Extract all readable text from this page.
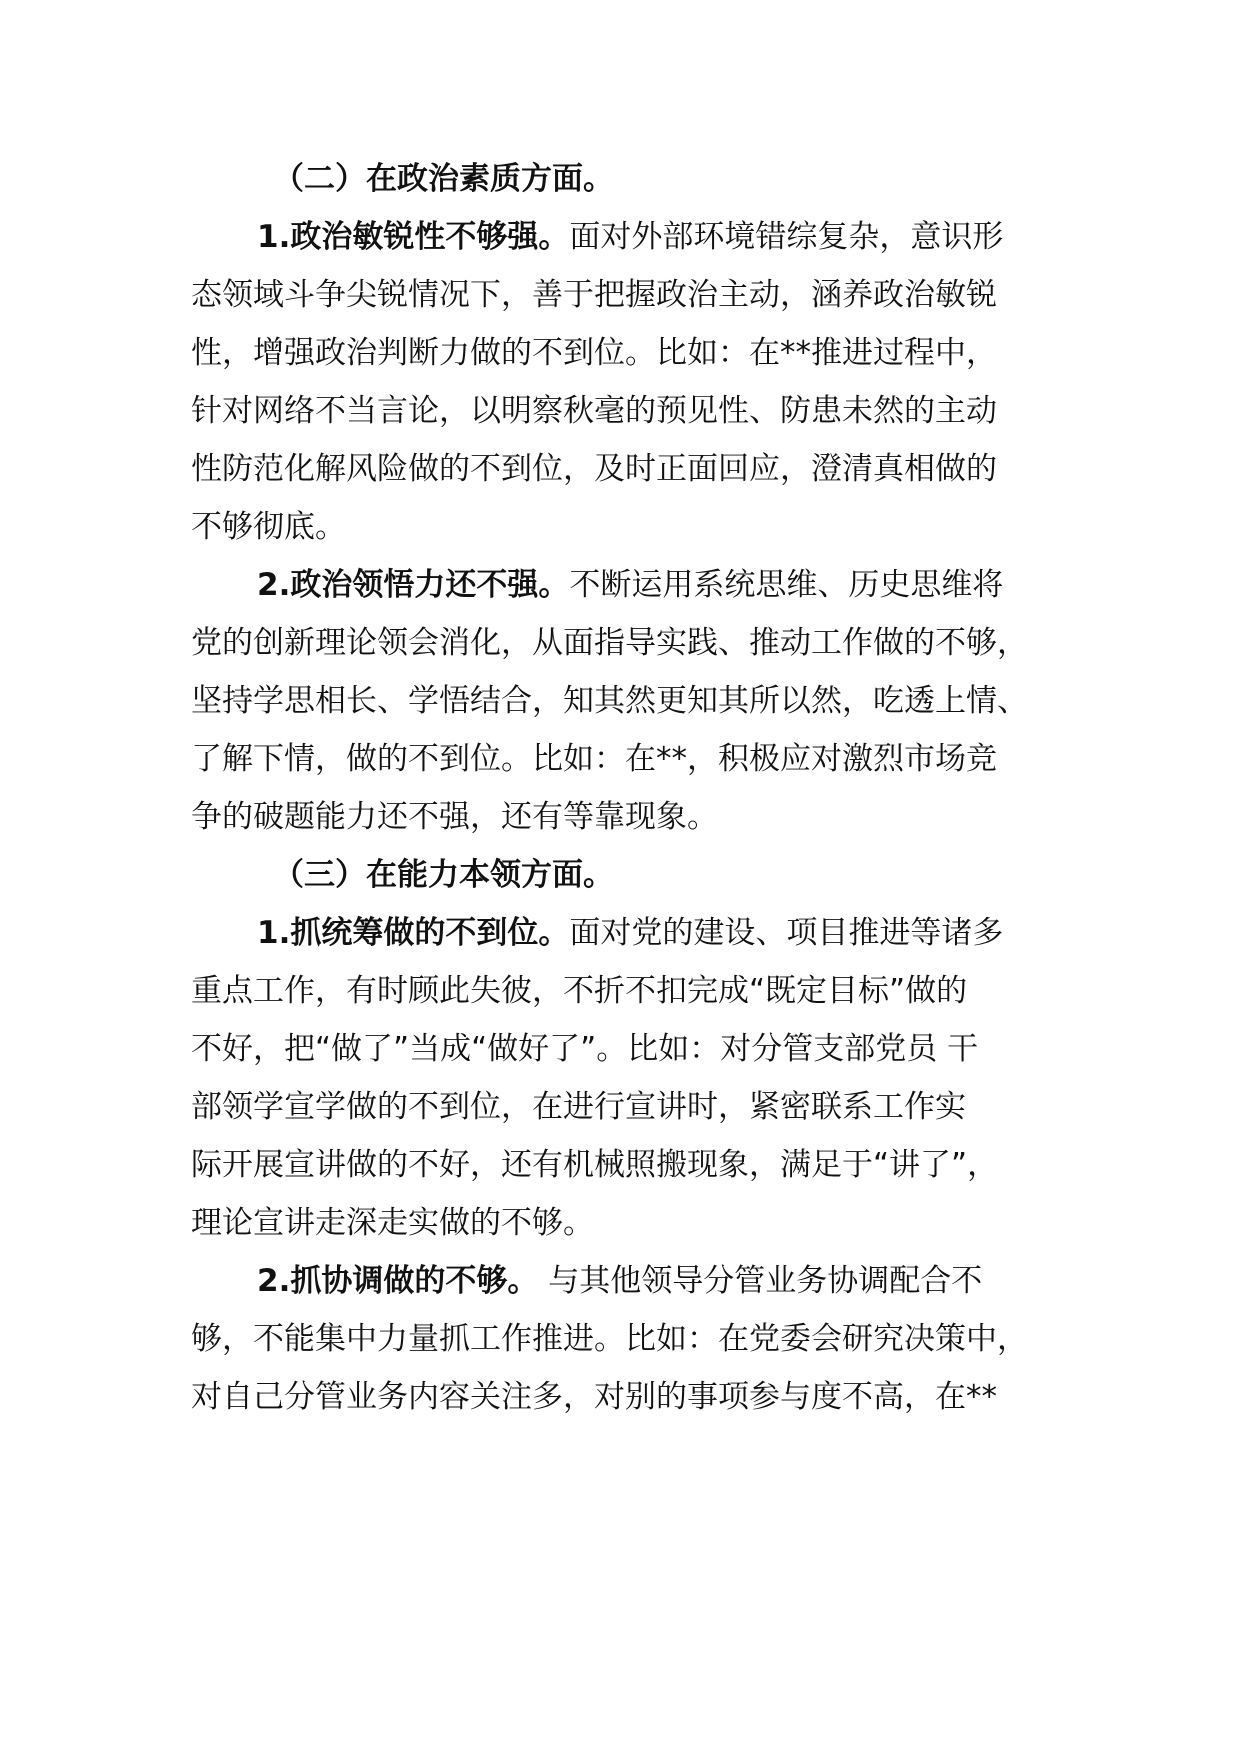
（二）在政治素质方面。
1.政治敏锐性不够强。面对外部环境错综复杂，意识形
态领域斗争尖锐情况下，善于把握政治主动，涵养政治敏锐
性，增强政治判断力做的不到位。比如：在**推进过程中，
针对网络不当言论，以明察秋毫的预见性、防患未然的主动
性防范化解风险做的不到位，及时正面回应，澄清真相做的
不够彻底。
2.政治领悟力还不强。不断运用系统思维、历史思维将
党的创新理论领会消化，从面指导实践、推动工作做的不够，
坚持学思相长、学悟结合，知其然更知其所以然，吃透上情、
了解下情，做的不到位。比如：在**，积极应对激烈市场竞
争的破题能力还不强，还有等靠现象。
（三）在能力本领方面。
1.抓统筹做的不到位。面对党的建设、项目推进等诸多
重点工作，有时顾此失彼，不折不扣完成“既定目标”做的
不好，把“做了”当成“做好了”。比如：对分管支部党员 干
部领学宣学做的不到位，在进行宣讲时，紧密联系工作实
际开展宣讲做的不好，还有机械照搬现象，满足于“讲了”，
理论宣讲走深走实做的不够。
2.抓协调做的不够。 与其他领导分管业务协调配合不
够，不能集中力量抓工作推进。比如：在党委会研究决策中，
对自己分管业务内容关注多，对别的事项参与度不高，在**
